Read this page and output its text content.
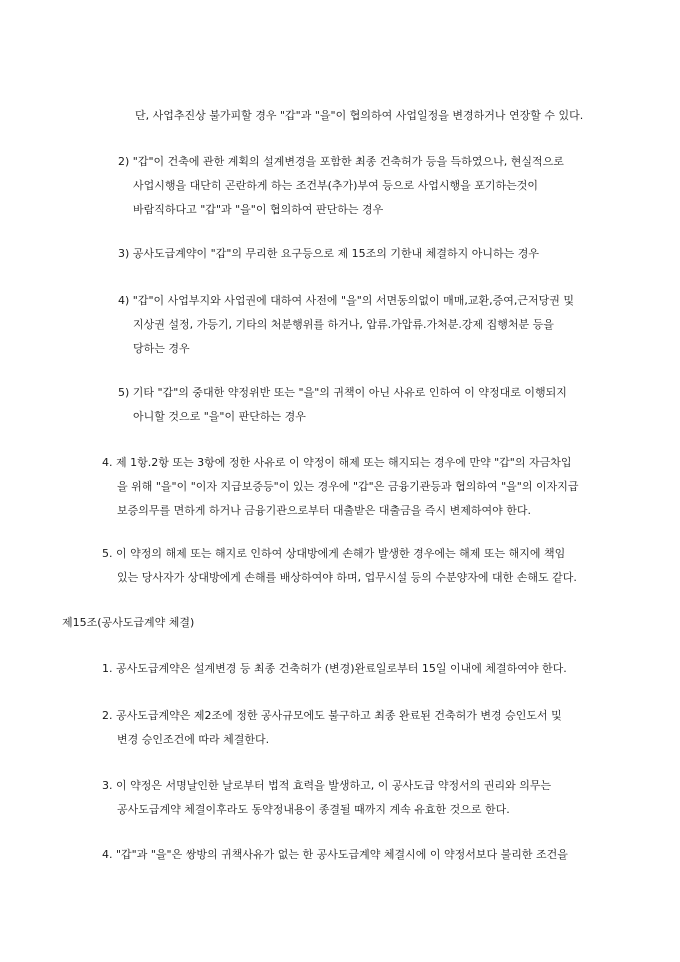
단, 사업추진상 불가피할 경우 "갑"과 "을"이 협의하여 사업일정을 변경하거나 연장할 수 있다.
2) "갑"이 건축에 관한 계획의 설계변경을 포함한 최종 건축허가 등을 득하였으나, 현실적으로
사업시행을 대단히 곤란하게 하는 조건부(추가)부여 등으로 사업시행을 포기하는것이
바람직하다고 "갑"과 "을"이 협의하여 판단하는 경우
3) 공사도급계약이 "갑"의 무리한 요구등으로 제 15조의 기한내 체결하지 아니하는 경우
4) "갑"이 사업부지와 사업권에 대하여 사전에 "을"의 서면동의없이 매매,교환,증여,근저당권 및
지상권 설정, 가등기, 기타의 처분행위를 하거나, 압류.가압류.가처분.강제 집행처분 등을
당하는 경우
5) 기타 "갑"의 중대한 약정위반 또는 "을"의 귀책이 아닌 사유로 인하여 이 약정대로 이행되지
아니할 것으로 "을"이 판단하는 경우
4. 제 1항.2항 또는 3항에 정한 사유로 이 약정이 해제 또는 해지되는 경우에 만약 "갑"의 자금차입
을 위해 "을"이 "이자 지급보증등"이 있는 경우에 "갑"은 금융기관등과 협의하여 "을"의 이자지급
보증의무를 면하게 하거나 금융기관으로부터 대출받은 대출금을 즉시 변제하여야 한다.
5. 이 약정의 해제 또는 해지로 인하여 상대방에게 손해가 발생한 경우에는 해제 또는 해지에 책임
있는 당사자가 상대방에게 손해를 배상하여야 하며, 업무시설 등의 수분양자에 대한 손해도 같다.
제15조(공사도급계약 체결)
1. 공사도급계약은 설계변경 등 최종 건축허가 (변경)완료일로부터 15일 이내에 체결하여야 한다.
2. 공사도급계약은 제2조에 정한 공사규모에도 불구하고 최종 완료된 건축허가 변경 승인도서 및
변경 승인조건에 따라 체결한다.
3. 이 약정은 서명날인한 날로부터 법적 효력을 발생하고, 이 공사도급 약정서의 권리와 의무는
공사도급계약 체결이후라도 동약정내용이 종결될 때까지 계속 유효한 것으로 한다.
4. "갑"과 "을"은 쌍방의 귀책사유가 없는 한 공사도급계약 체결시에 이 약정서보다 불리한 조건을
